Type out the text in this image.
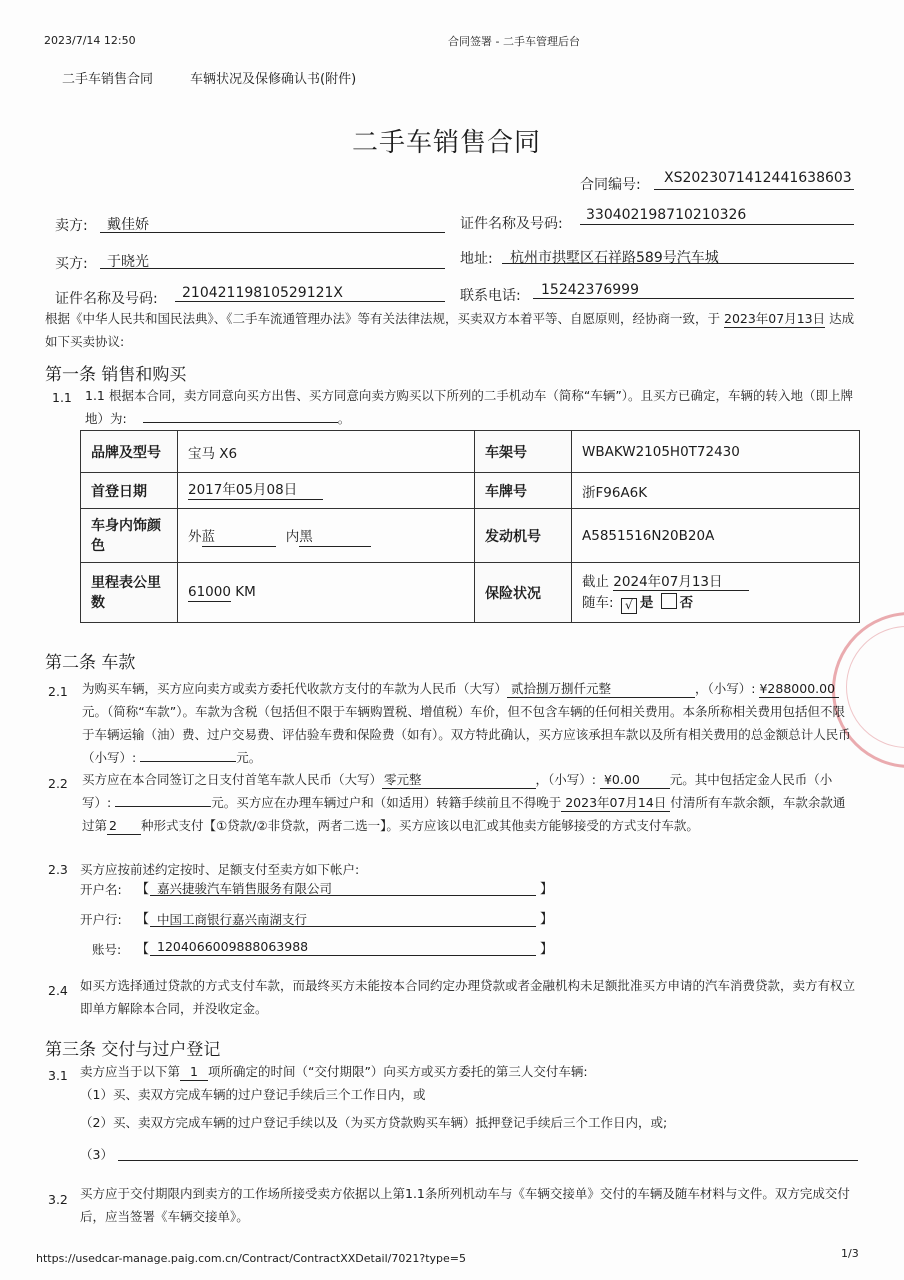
2023/7/14 12:50	合同签署 - 二手车管理后台
二手车销售合同	车辆状况及保修确认书(附件)
二手车销售合同
合同编号: XS2023071412441638603
卖方: 戴佳娇	证件名称及号码:
330402198710210326
买方: 于晓光	地址: 杭州市拱墅区石祥路589号汽车城
证件名称及号码: 21042119810529121X	联系电话: 15242376999
根据《中华人民共和国民法典》、《二手车流通管理办法》等有关法律法规，买卖双方本着平等、自愿原则，经协商一致，于 2023年07月13日 达成如下买卖协议:
第一条 销售和购买
1.1 1.1 根据本合同，卖方同意向买方出售、买方同意向卖方购买以下所列的二手机动车（简称“车辆”）。且买方已确定，车辆的转入地（即上牌地）为:	。
品牌及型号	宝马 X6	车架号	WBAKW2105H0T72430
首登日期	2017年05月08日	车牌号	浙F96A6K
车身内饰颜色	外蓝 内黑	发动机号	A5851516N20B20A
里程表公里数	61000 KM	保险状况	截止 2024年07月13日
随车: √ 是 否
第二条 车款
2.1 为购买车辆，买方应向卖方或卖方委托代收款方支付的车款为人民币（大写） 贰拾捌万捌仟元整	，（小写）: ¥288000.00 元。（简称“车款”）。车款为含税（包括但不限于车辆购置税、增值税）车价，但不包含车辆的任何相关费用。本条所称相关费用包括但不限于车辆运输（油）费、过户交易费、评估验车费和保险费（如有）。双方特此确认，买方应该承担车款以及所有相关费用的总金额总计人民币（小写）:	元。
2.2 买方应在本合同签订之日支付首笔车款人民币（大写） 零元整	，（小写）: ¥0.00 元。其中包括定金人民币（小写）:	元。买方应在办理车辆过户和（如适用）转籍手续前且不得晚于 2023年07月14日 付清所有车款余额，车款余款通过第 2 种形式支付【①贷款/②非贷款，两者二选一】。买方应该以电汇或其他卖方能够接受的方式支付车款。
2.3 买方应按前述约定按时、足额支付至卖方如下帐户:
开户名: 【 嘉兴捷骏汽车销售服务有限公司	】
开户行: 【 中国工商银行嘉兴南湖支行	】
账号: 【 1204066009888063988	】
2.4 如买方选择通过贷款的方式支付车款，而最终买方未能按本合同约定办理贷款或者金融机构未足额批准买方申请的汽车消费贷款，卖方有权立即单方解除本合同，并没收定金。
第三条 交付与过户登记
3.1 卖方应当于以下第 1 项所确定的时间（“交付期限”）向买方或买方委托的第三人交付车辆:
（1）买、卖双方完成车辆的过户登记手续后三个工作日内，或
（2）买、卖双方完成车辆的过户登记手续以及（为买方贷款购买车辆）抵押登记手续后三个工作日内，或;
（3）
3.2 买方应于交付期限内到卖方的工作场所接受卖方依据以上第1.1条所列机动车与《车辆交接单》交付的车辆及随车材料与文件。双方完成交付后，应当签署《车辆交接单》。
https://usedcar-manage.paig.com.cn/Contract/ContractXXDetail/7021?type=5	1/3
